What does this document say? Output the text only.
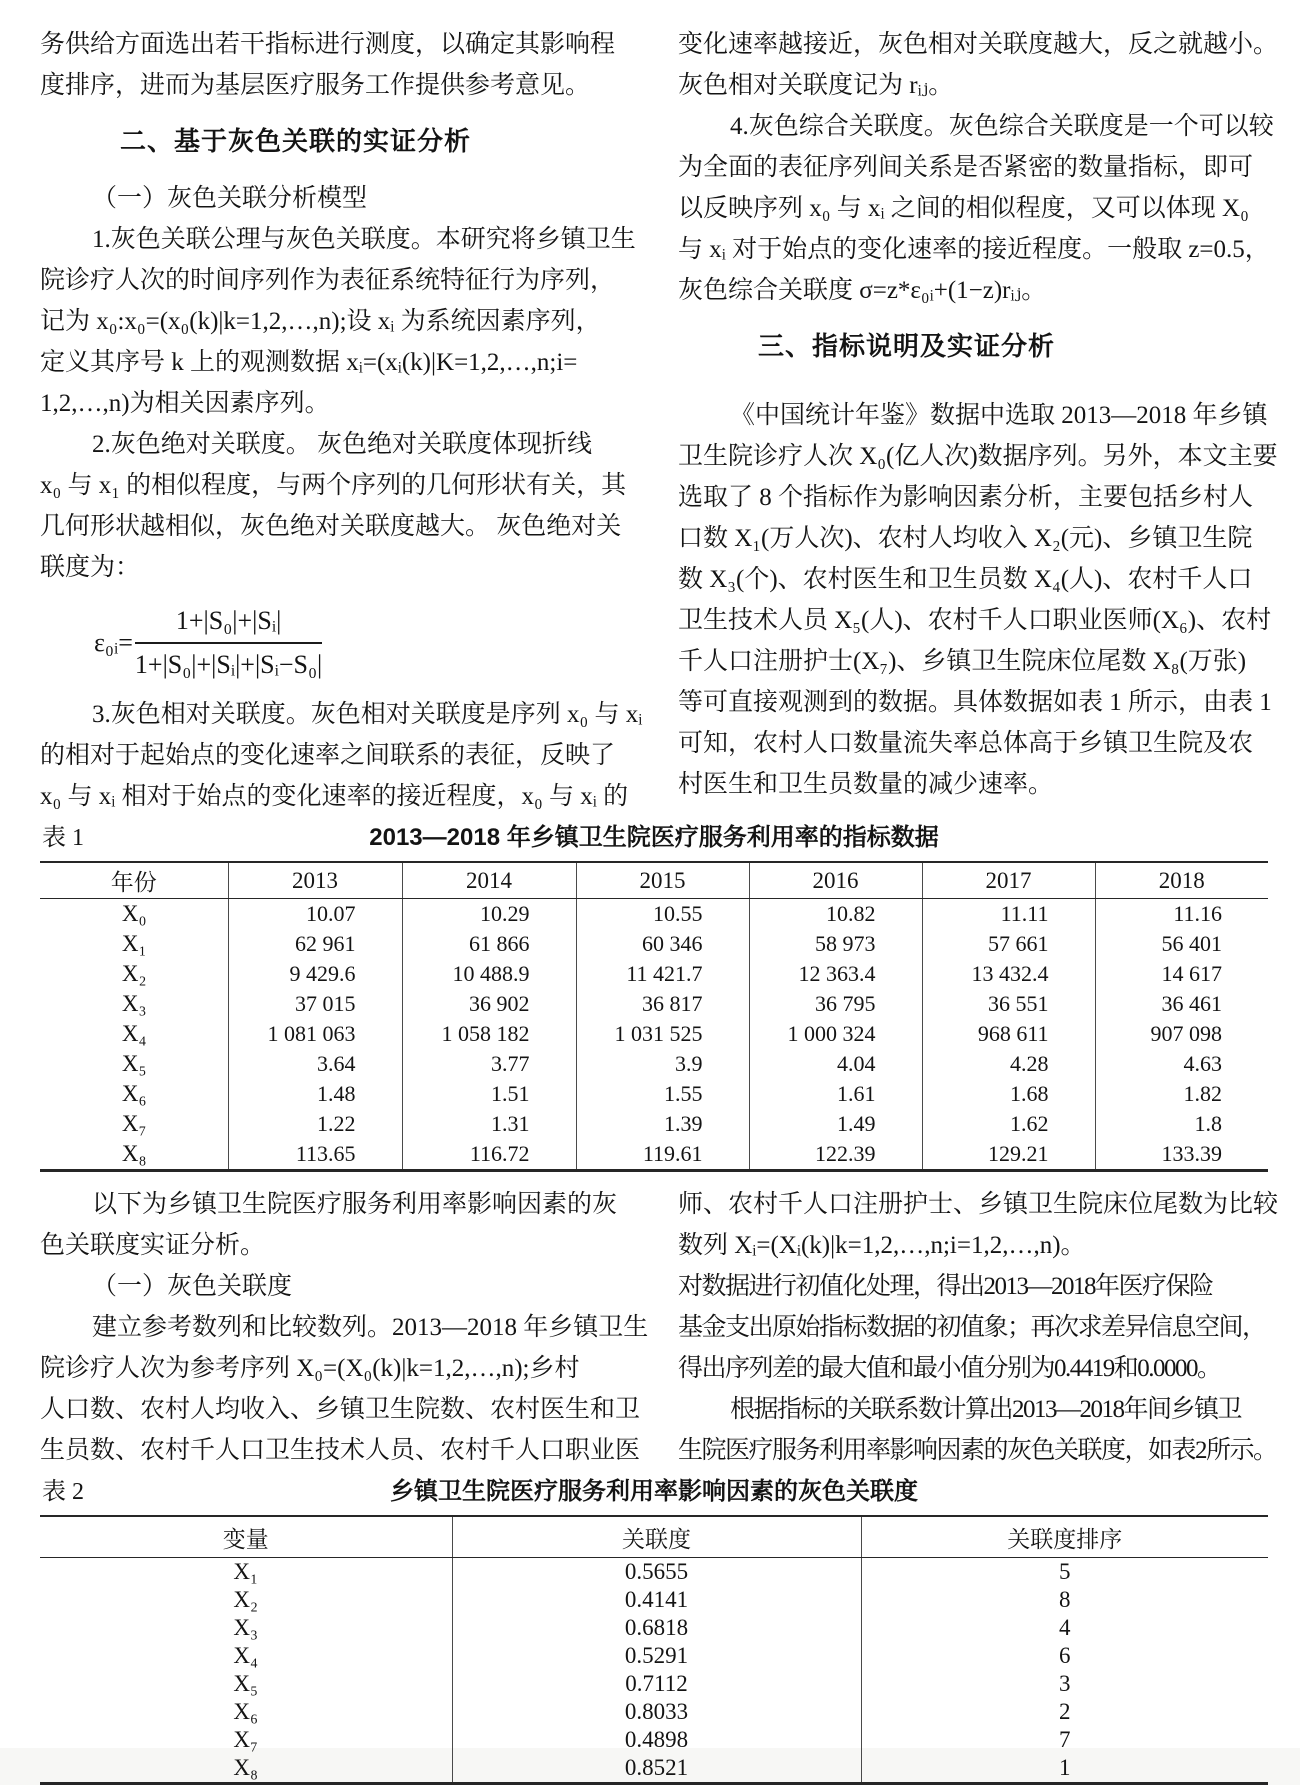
务供给方面选出若干指标进行测度，以确定其影响程
度排序，进而为基层医疗服务工作提供参考意见。
二、基于灰色关联的实证分析
（一）灰色关联分析模型
1.灰色关联公理与灰色关联度。本研究将乡镇卫生
院诊疗人次的时间序列作为表征系统特征行为序列，
记为 x₀:x₀=(x₀(k)|k=1,2,…,n);设 xᵢ 为系统因素序列，
定义其序号 k 上的观测数据 xᵢ=(xᵢ(k)|K=1,2,…,n;i=
1,2,…,n)为相关因素序列。
2.灰色绝对关联度。 灰色绝对关联度体现折线
x₀ 与 x₁ 的相似程度，与两个序列的几何形状有关，其
几何形状越相似，灰色绝对关联度越大。 灰色绝对关
联度为：
ε₀ᵢ= $\frac{\text{1+|S₀|+|Sᵢ|}}{\text{1+|S₀|+|Sᵢ|+|Sᵢ−S₀|}}$
3.灰色相对关联度。灰色相对关联度是序列 x₀ 与 xᵢ
的相对于起始点的变化速率之间联系的表征，反映了
x₀ 与 xᵢ 相对于始点的变化速率的接近程度，x₀ 与 xᵢ 的
变化速率越接近，灰色相对关联度越大，反之就越小。
灰色相对关联度记为 rᵢⱼ。
4.灰色综合关联度。灰色综合关联度是一个可以较
为全面的表征序列间关系是否紧密的数量指标，即可
以反映序列 x₀ 与 xᵢ 之间的相似程度，又可以体现 X₀
与 xᵢ 对于始点的变化速率的接近程度。一般取 z=0.5，
灰色综合关联度 σ=z*ε₀ᵢ+(1−z)rᵢⱼ。
三、指标说明及实证分析
《中国统计年鉴》数据中选取 2013—2018 年乡镇
卫生院诊疗人次 X₀(亿人次)数据序列。另外，本文主要
选取了 8 个指标作为影响因素分析，主要包括乡村人
口数 X₁(万人次)、农村人均收入 X₂(元)、乡镇卫生院
数 X₃(个)、农村医生和卫生员数 X₄(人)、农村千人口
卫生技术人员 X₅(人)、农村千人口职业医师(X₆)、农村
千人口注册护士(X₇)、乡镇卫生院床位尾数 X₈(万张)
等可直接观测到的数据。具体数据如表 1 所示，由表 1
可知，农村人口数量流失率总体高于乡镇卫生院及农
村医生和卫生员数量的减少速率。
表 1	2013—2018 年乡镇卫生院医疗服务利用率的指标数据
年份	2013	2014	2015	2016	2017	2018
X₀	10.07	10.29	10.55	10.82	11.11	11.16
X₁	62 961	61 866	60 346	58 973	57 661	56 401
X₂	9 429.6	10 488.9	11 421.7	12 363.4	13 432.4	14 617
X₃	37 015	36 902	36 817	36 795	36 551	36 461
X₄	1 081 063	1 058 182	1 031 525	1 000 324	968 611	907 098
X₅	3.64	3.77	3.9	4.04	4.28	4.63
X₆	1.48	1.51	1.55	1.61	1.68	1.82
X₇	1.22	1.31	1.39	1.49	1.62	1.8
X₈	113.65	116.72	119.61	122.39	129.21	133.39
以下为乡镇卫生院医疗服务利用率影响因素的灰
色关联度实证分析。
（一）灰色关联度
建立参考数列和比较数列。2013—2018 年乡镇卫生
院诊疗人次为参考序列 X₀=(X₀(k)|k=1,2,…,n);乡村
人口数、农村人均收入、乡镇卫生院数、农村医生和卫
生员数、农村千人口卫生技术人员、农村千人口职业医
师、农村千人口注册护士、乡镇卫生院床位尾数为比较
数列 Xᵢ=(Xᵢ(k)|k=1,2,…,n;i=1,2,…,n)。
对数据进行初值化处理，得出2013—2018年医疗保险
基金支出原始指标数据的初值象；再次求差异信息空间，
得出序列差的最大值和最小值分别为0.4419和0.0000。
根据指标的关联系数计算出2013—2018年间乡镇卫
生院医疗服务利用率影响因素的灰色关联度，如表2所示。
表 2	乡镇卫生院医疗服务利用率影响因素的灰色关联度
变量	关联度	关联度排序
X₁	0.5655	5
X₂	0.4141	8
X₃	0.6818	4
X₄	0.5291	6
X₅	0.7112	3
X₆	0.8033	2
X₇	0.4898	7
X₈	0.8521	1
